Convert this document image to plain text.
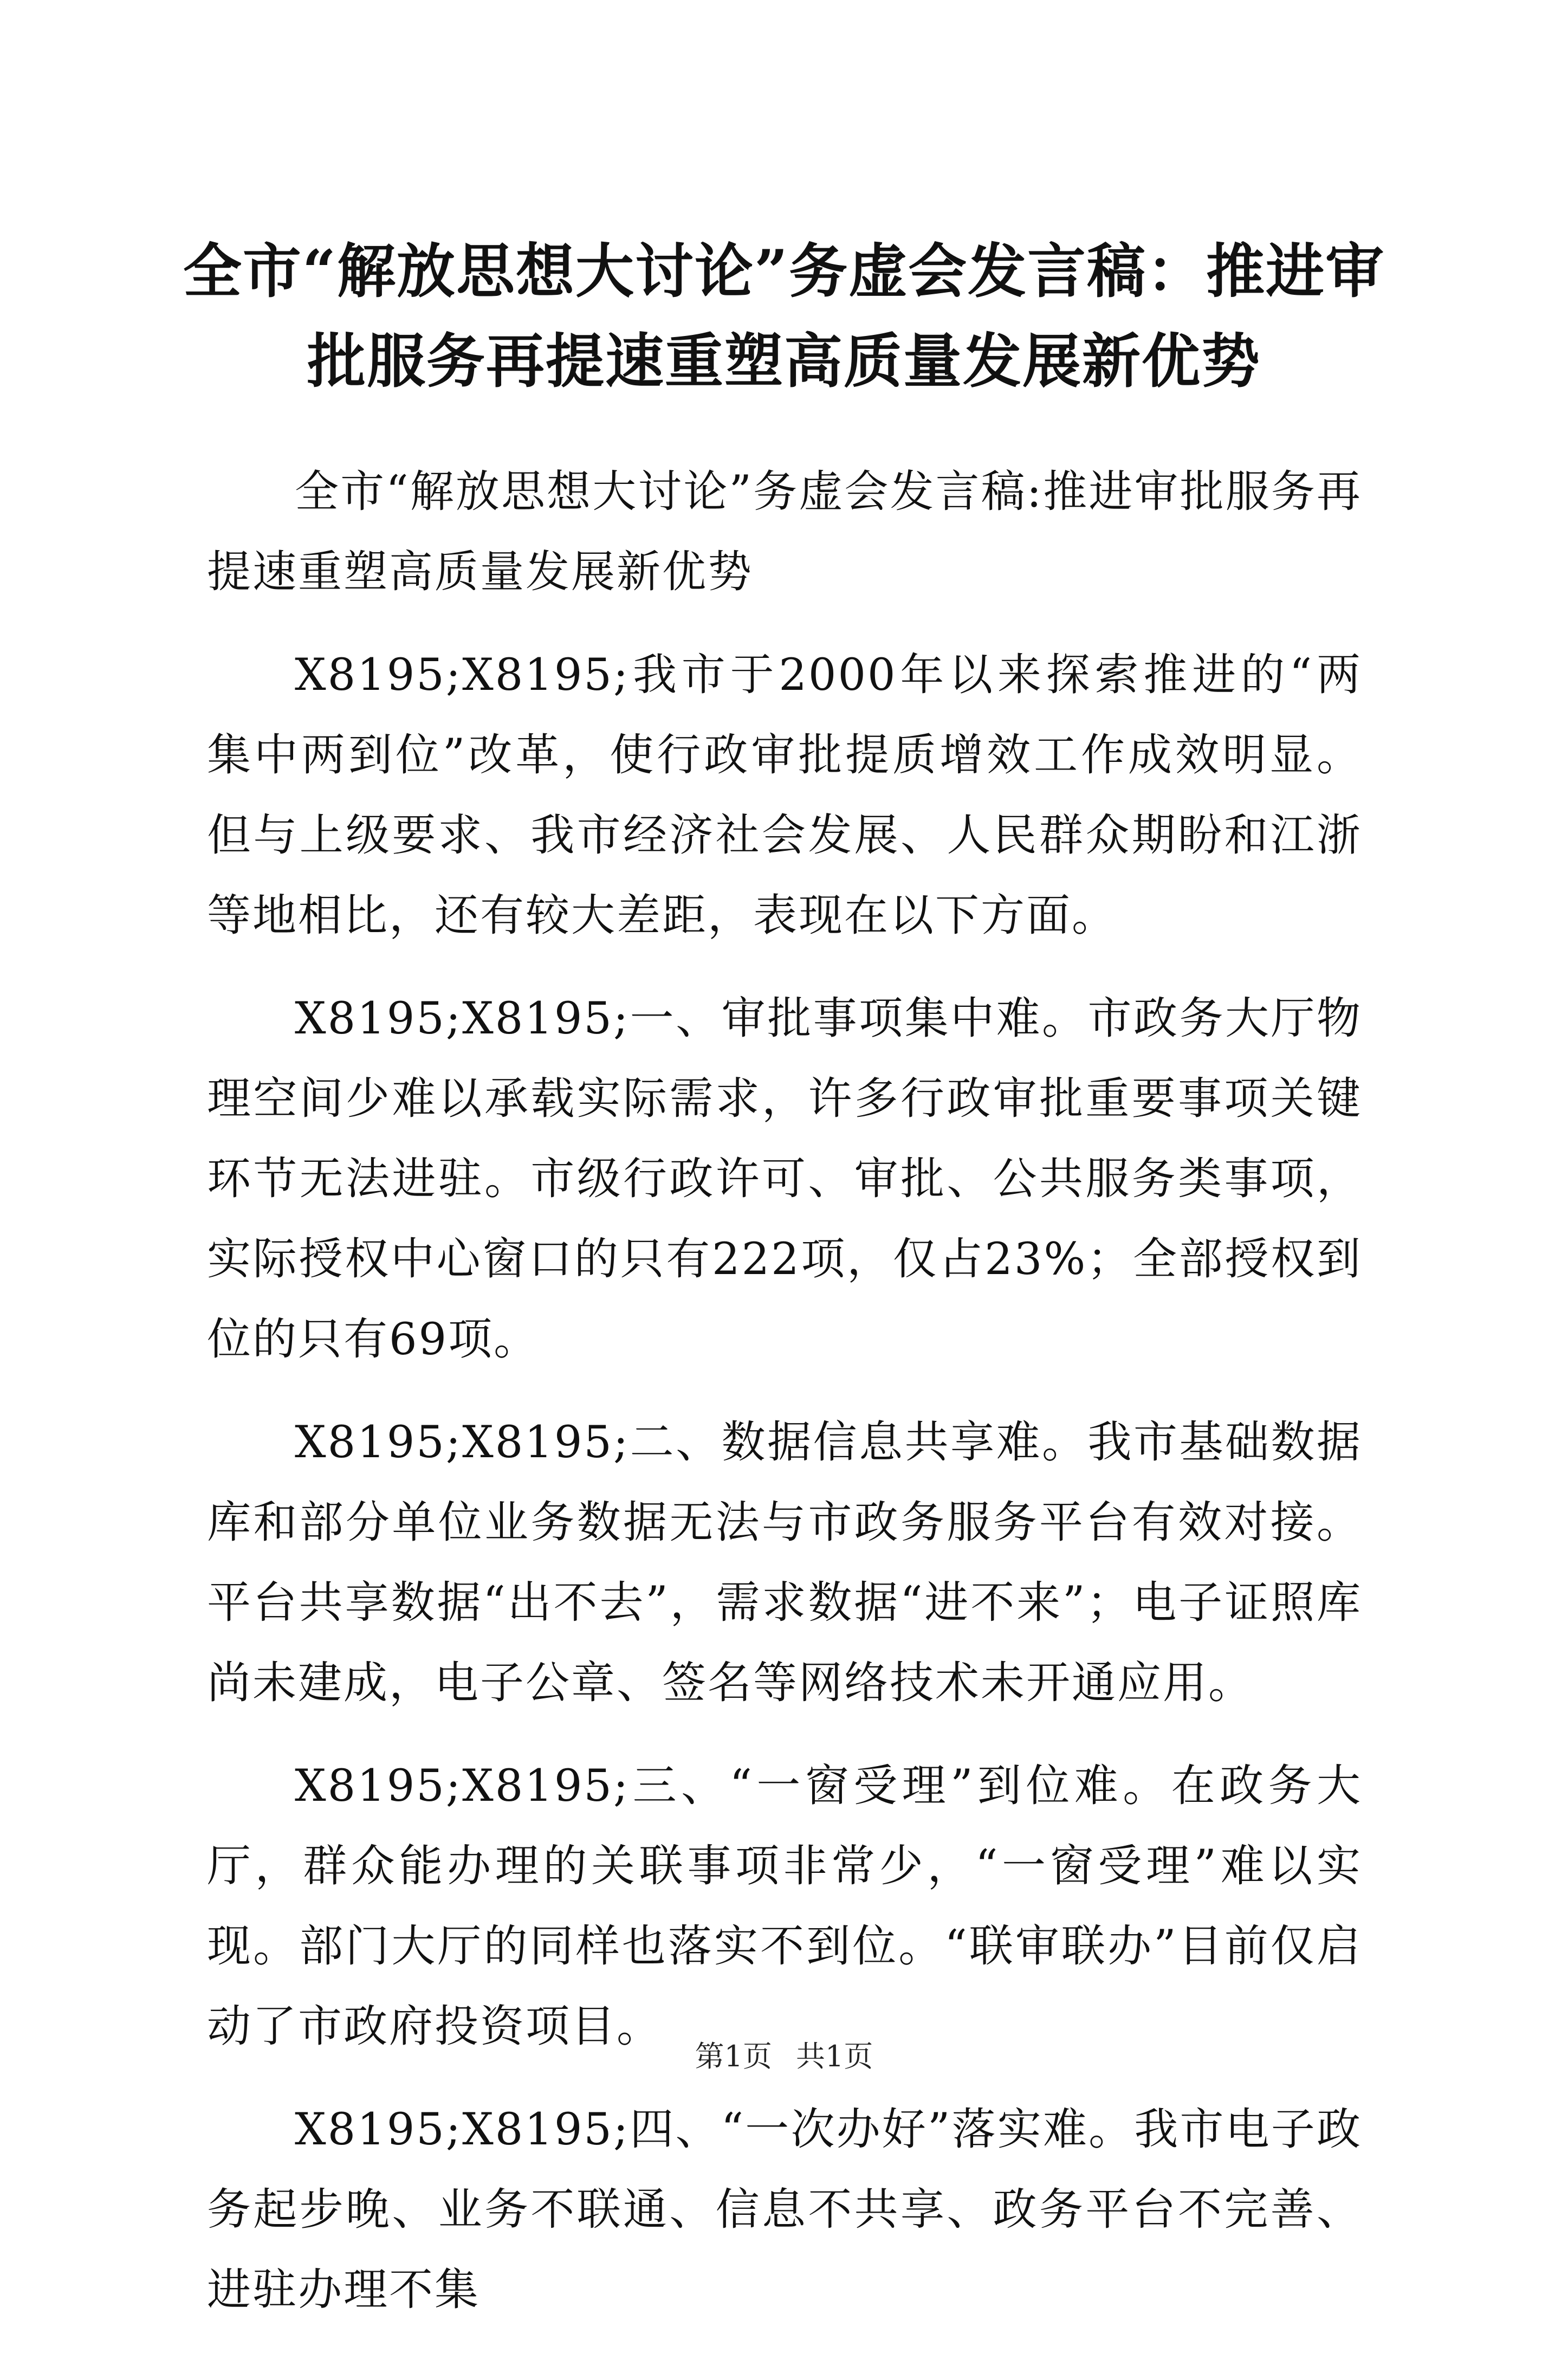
全市“解放思想大讨论”务虚会发言稿：推进审批服务再提速重塑高质量发展新优势

全市“解放思想大讨论”务虚会发言稿:推进审批服务再提速重塑高质量发展新优势

X8195;X8195;我市于2000年以来探索推进的“两集中两到位”改革，使行政审批提质增效工作成效明显。但与上级要求、我市经济社会发展、人民群众期盼和江浙等地相比，还有较大差距，表现在以下方面。

X8195;X8195;一、审批事项集中难。市政务大厅物理空间少难以承载实际需求，许多行政审批重要事项关键环节无法进驻。市级行政许可、审批、公共服务类事项，实际授权中心窗口的只有222项，仅占23%；全部授权到位的只有69项。

X8195;X8195;二、数据信息共享难。我市基础数据库和部分单位业务数据无法与市政务服务平台有效对接。平台共享数据“出不去”，需求数据“进不来”；电子证照库尚未建成，电子公章、签名等网络技术未开通应用。

X8195;X8195;三、“一窗受理”到位难。在政务大厅，群众能办理的关联事项非常少，“一窗受理”难以实现。部门大厅的同样也落实不到位。“联审联办”目前仅启动了市政府投资项目。

X8195;X8195;四、“一次办好”落实难。我市电子政务起步晚、业务不联通、信息不共享、政务平台不完善、进驻办理不集

第1页 共1页
